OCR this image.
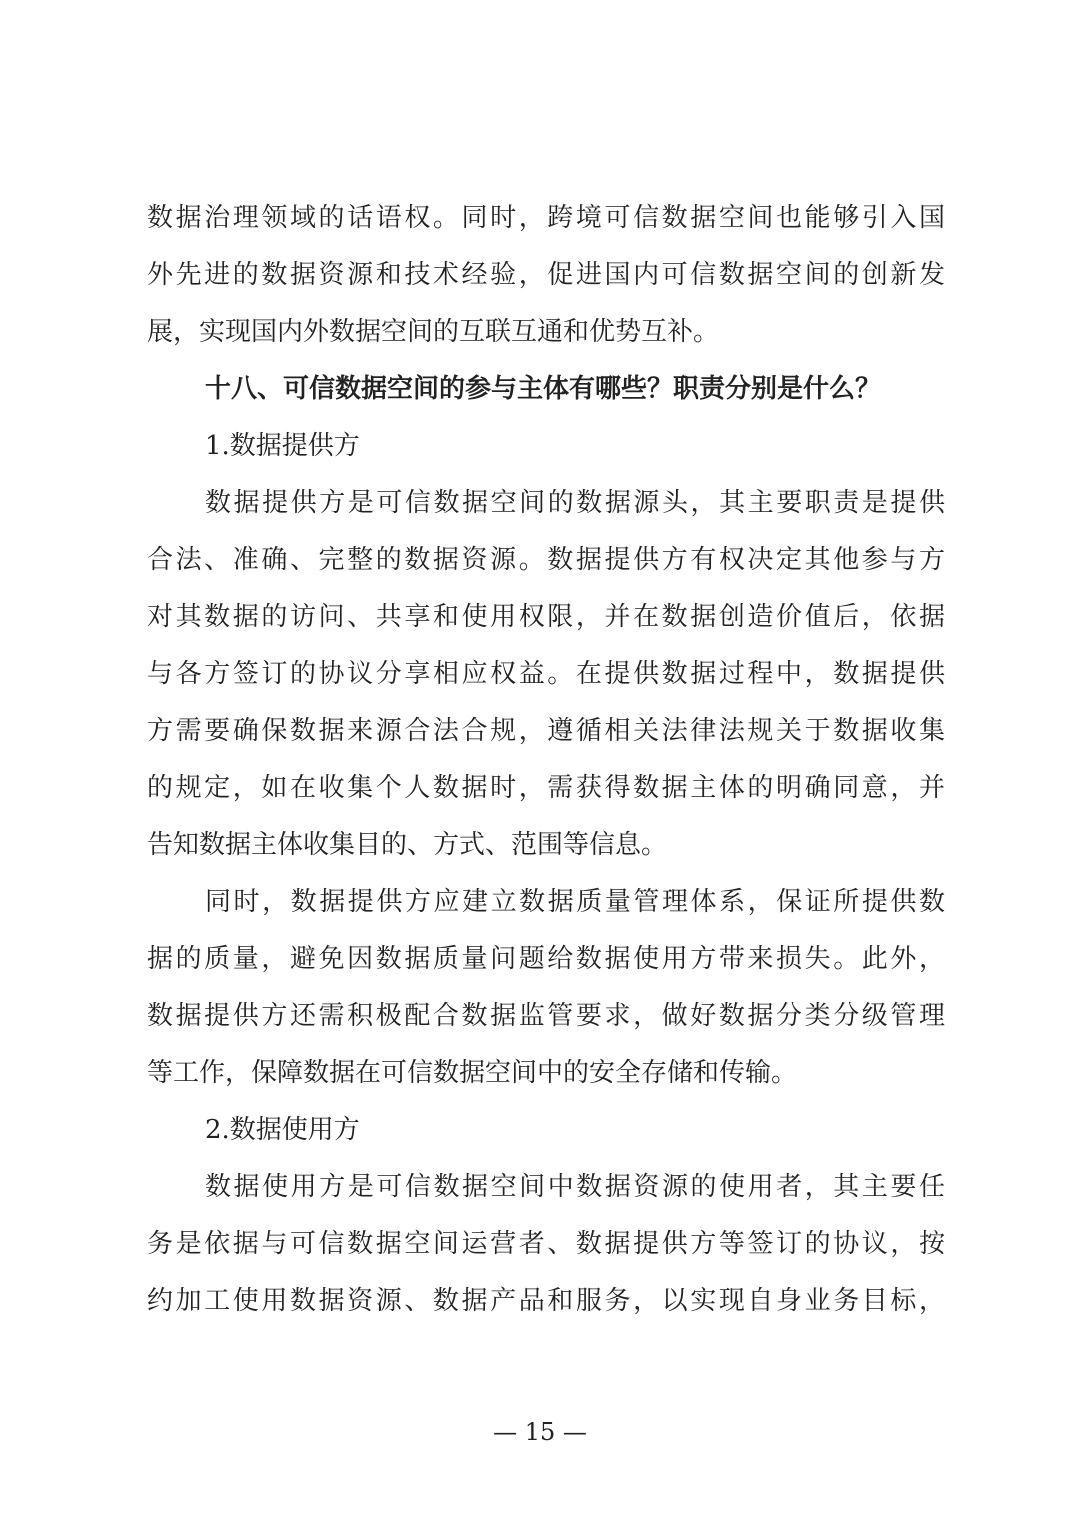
数据治理领域的话语权。同时，跨境可信数据空间也能够引入国
外先进的数据资源和技术经验，促进国内可信数据空间的创新发
展，实现国内外数据空间的互联互通和优势互补。
十八、可信数据空间的参与主体有哪些？职责分别是什么？
1.数据提供方
数据提供方是可信数据空间的数据源头，其主要职责是提供
合法、准确、完整的数据资源。数据提供方有权决定其他参与方
对其数据的访问、共享和使用权限，并在数据创造价值后，依据
与各方签订的协议分享相应权益。在提供数据过程中，数据提供
方需要确保数据来源合法合规，遵循相关法律法规关于数据收集
的规定，如在收集个人数据时，需获得数据主体的明确同意，并
告知数据主体收集目的、方式、范围等信息。
同时，数据提供方应建立数据质量管理体系，保证所提供数
据的质量，避免因数据质量问题给数据使用方带来损失。此外，
数据提供方还需积极配合数据监管要求，做好数据分类分级管理
等工作，保障数据在可信数据空间中的安全存储和传输。
2.数据使用方
数据使用方是可信数据空间中数据资源的使用者，其主要任
务是依据与可信数据空间运营者、数据提供方等签订的协议，按
约加工使用数据资源、数据产品和服务，以实现自身业务目标，
— 15 —
